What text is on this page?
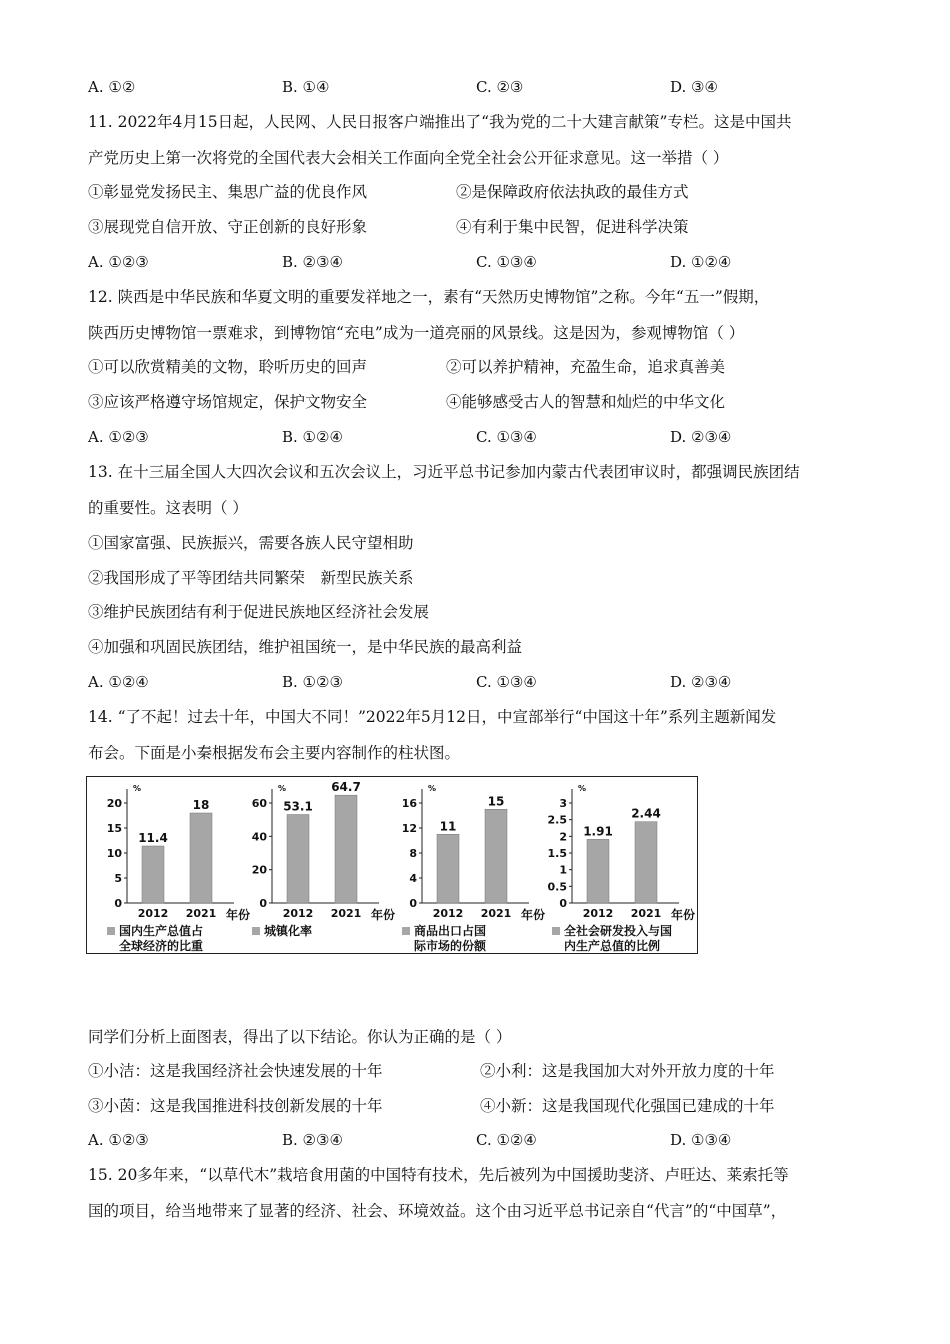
A. ①②	B. ①④	C. ②③	D. ③④
11. 2022年4月15日起，人民网、人民日报客户端推出了“我为党的二十大建言献策”专栏。这是中国共
产党历史上第一次将党的全国代表大会相关工作面向全党全社会公开征求意见。这一举措（ ）
①彰显党发扬民主、集思广益的优良作风	②是保障政府依法执政的最佳方式
③展现党自信开放、守正创新的良好形象	④有利于集中民智，促进科学决策
A. ①②③	B. ②③④	C. ①③④	D. ①②④
12. 陕西是中华民族和华夏文明的重要发祥地之一，素有“天然历史博物馆”之称。今年“五一”假期，
陕西历史博物馆一票难求，到博物馆“充电”成为一道亮丽的风景线。这是因为，参观博物馆（ ）
①可以欣赏精美的文物，聆听历史的回声	②可以养护精神，充盈生命，追求真善美
③应该严格遵守场馆规定，保护文物安全	④能够感受古人的智慧和灿烂的中华文化
A. ①②③	B. ①②④	C. ①③④	D. ②③④
13. 在十三届全国人大四次会议和五次会议上，习近平总书记参加内蒙古代表团审议时，都强调民族团结
的重要性。这表明（ ）
①国家富强、民族振兴，需要各族人民守望相助
②我国形成了平等团结共同繁荣　新型民族关系
③维护民族团结有利于促进民族地区经济社会发展
④加强和巩固民族团结，维护祖国统一，是中华民族的最高利益
A. ①②④	B. ①②③	C. ①③④	D. ②③④
14. “了不起！过去十年，中国大不同！”2022年5月12日，中宣部举行“中国这十年”系列主题新闻发
布会。下面是小秦根据发布会主要内容制作的柱状图。
%
0
5
10
15
20
11.4
2012
18
2021 年份
国内生产总值占
全球经济的比重
%
0
20
40
60 53.1
2012
64.7
2021 年份
城镇化率
%
0
4
8
12
16
11
2012
15
2021 年份
商品出口占国
际市场的份额
%
0
0.5
1
1.5
2
2.5
3
1.91
2012
2.44
2021 年份
全社会研发投入与国
内生产总值的比例
同学们分析上面图表，得出了以下结论。你认为正确的是（ ）
①小洁：这是我国经济社会快速发展的十年	②小利：这是我国加大对外开放力度的十年
③小茵：这是我国推进科技创新发展的十年	④小新：这是我国现代化强国已建成的十年
A. ①②③	B. ②③④	C. ①②④	D. ①③④
15. 20多年来，“以草代木”栽培食用菌的中国特有技术，先后被列为中国援助斐济、卢旺达、莱索托等
国的项目，给当地带来了显著的经济、社会、环境效益。这个由习近平总书记亲自“代言”的“中国草”，
